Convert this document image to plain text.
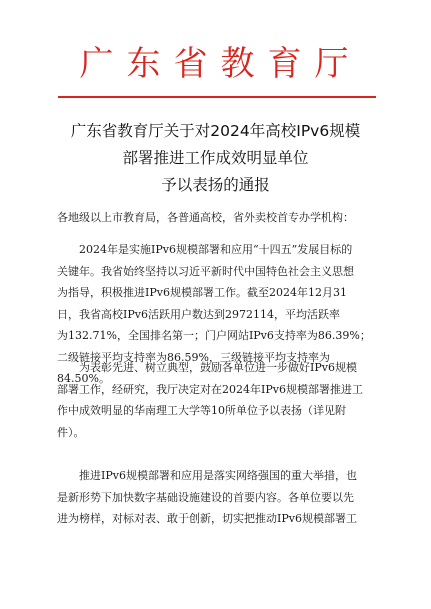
广东省教育厅
广东省教育厅关于对2024年高校IPv6规模
部署推进工作成效明显单位
予以表扬的通报
各地级以上市教育局，各普通高校，省外卖校首专办学机构：
2024年是实施IPv6规模部署和应用“十四五”发展目标的
关键年。我省始终坚持以习近平新时代中国特色社会主义思想
为指导，积极推进IPv6规模部署工作。截至2024年12月31
日，我省高校IPv6活跃用户数达到2972114，平均活跃率
为132.71%，全国排名第一；门户网站IPv6支持率为86.39%；
二级链接平均支持率为86.59%，三级链接平均支持率为
84.50%。
为表彰先进、树立典型，鼓励各单位进一步做好IPv6规模
部署工作，经研究，我厅决定对在2024年IPv6规模部署推进工
作中成效明显的华南理工大学等10所单位予以表扬（详见附
件）。
推进IPv6规模部署和应用是落实网络强国的重大举措，也
是新形势下加快数字基础设施建设的首要内容。各单位要以先
进为榜样，对标对表、敢于创新，切实把推动IPv6规模部署工
